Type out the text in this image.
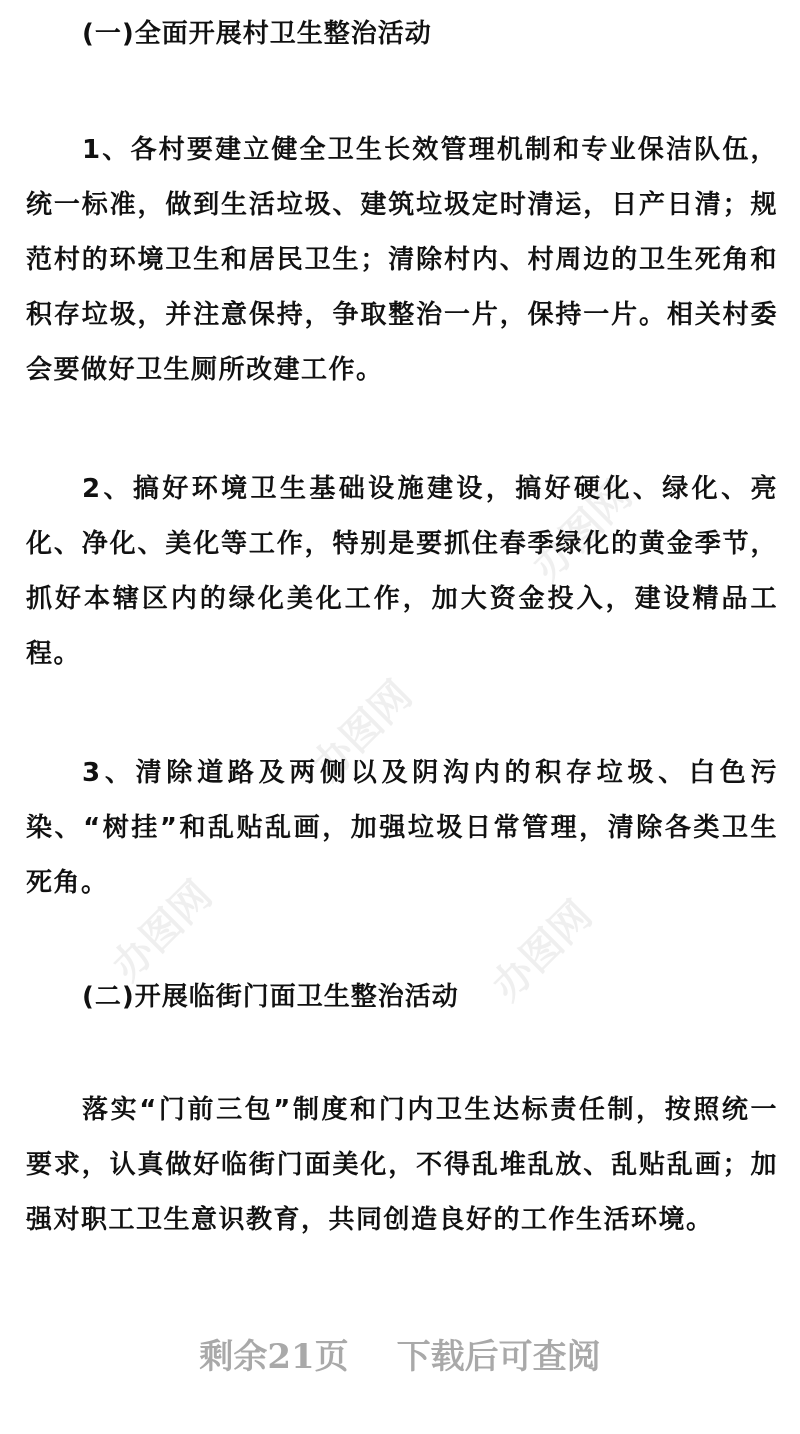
办图网
办图网
办图网	办图网
(一)全面开展村卫生整治活动
1、各村要建立健全卫生长效管理机制和专业保洁队伍，统一标准，做到生活垃圾、建筑垃圾定时清运，日产日清；规范村的环境卫生和居民卫生；清除村内、村周边的卫生死角和积存垃圾，并注意保持，争取整治一片，保持一片。相关村委会要做好卫生厕所改建工作。
2、搞好环境卫生基础设施建设，搞好硬化、绿化、亮化、净化、美化等工作，特别是要抓住春季绿化的黄金季节，抓好本辖区内的绿化美化工作，加大资金投入，建设精品工程。
3、清除道路及两侧以及阴沟内的积存垃圾、白色污染、“树挂”和乱贴乱画，加强垃圾日常管理，清除各类卫生死角。
(二)开展临街门面卫生整治活动
落实“门前三包”制度和门内卫生达标责任制，按照统一要求，认真做好临街门面美化，不得乱堆乱放、乱贴乱画；加强对职工卫生意识教育，共同创造良好的工作生活环境。
剩余21页 下载后可查阅
